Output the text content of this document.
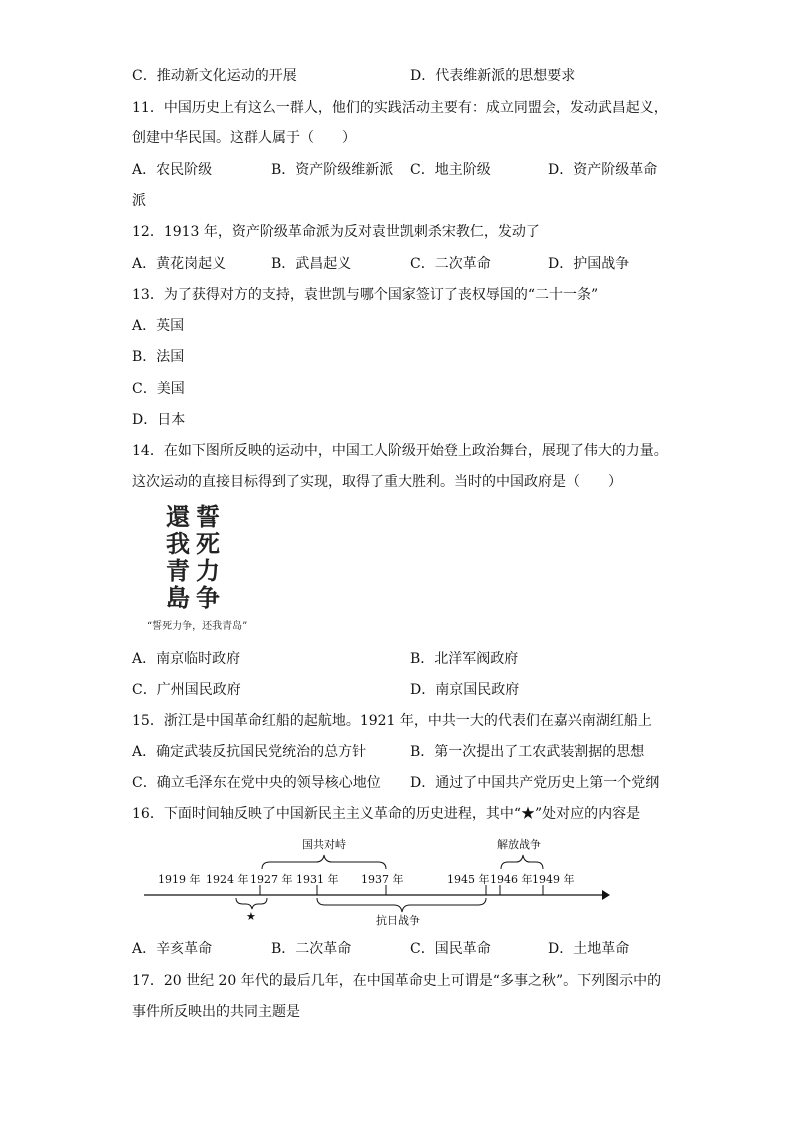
C．推动新文化运动的开展	D．代表维新派的思想要求
11．中国历史上有这么一群人，他们的实践活动主要有：成立同盟会，发动武昌起义，
创建中华民国。这群人属于（　　）
A．农民阶级	B．资产阶级维新派 C．地主阶级	D．资产阶级革命
派
12．1913 年，资产阶级革命派为反对袁世凯刺杀宋教仁，发动了
A．黄花岗起义	B．武昌起义	C．二次革命	D．护国战争
13．为了获得对方的支持，袁世凯与哪个国家签订了丧权辱国的“二十一条”
A．英国
B．法国
C．美国
D．日本
14．在如下图所反映的运动中，中国工人阶级开始登上政治舞台，展现了伟大的力量。
这次运动的直接目标得到了实现，取得了重大胜利。当时的中国政府是（　　）
誓
死
力
争
還
我
青
島
“誓死力争，还我青岛”
A．南京临时政府	B．北洋军阀政府
C．广州国民政府	D．南京国民政府
15．浙江是中国革命红船的起航地。1921 年，中共一大的代表们在嘉兴南湖红船上
A．确定武装反抗国民党统治的总方针	B．第一次提出了工农武装割据的思想
C．确立毛泽东在党中央的领导核心地位 D．通过了中国共产党历史上第一个党纲
16．下面时间轴反映了中国新民主主义革命的历史进程，其中“★”处对应的内容是
1919 年 1924 年 1927 年 1931 年 1937 年	1945 年 1946 年 1949 年
国共对峙	解放战争
抗日战争
★
A．辛亥革命	B．二次革命	C．国民革命	D．土地革命
17．20 世纪 20 年代的最后几年，在中国革命史上可谓是“多事之秋”。下列图示中的
事件所反映出的共同主题是
